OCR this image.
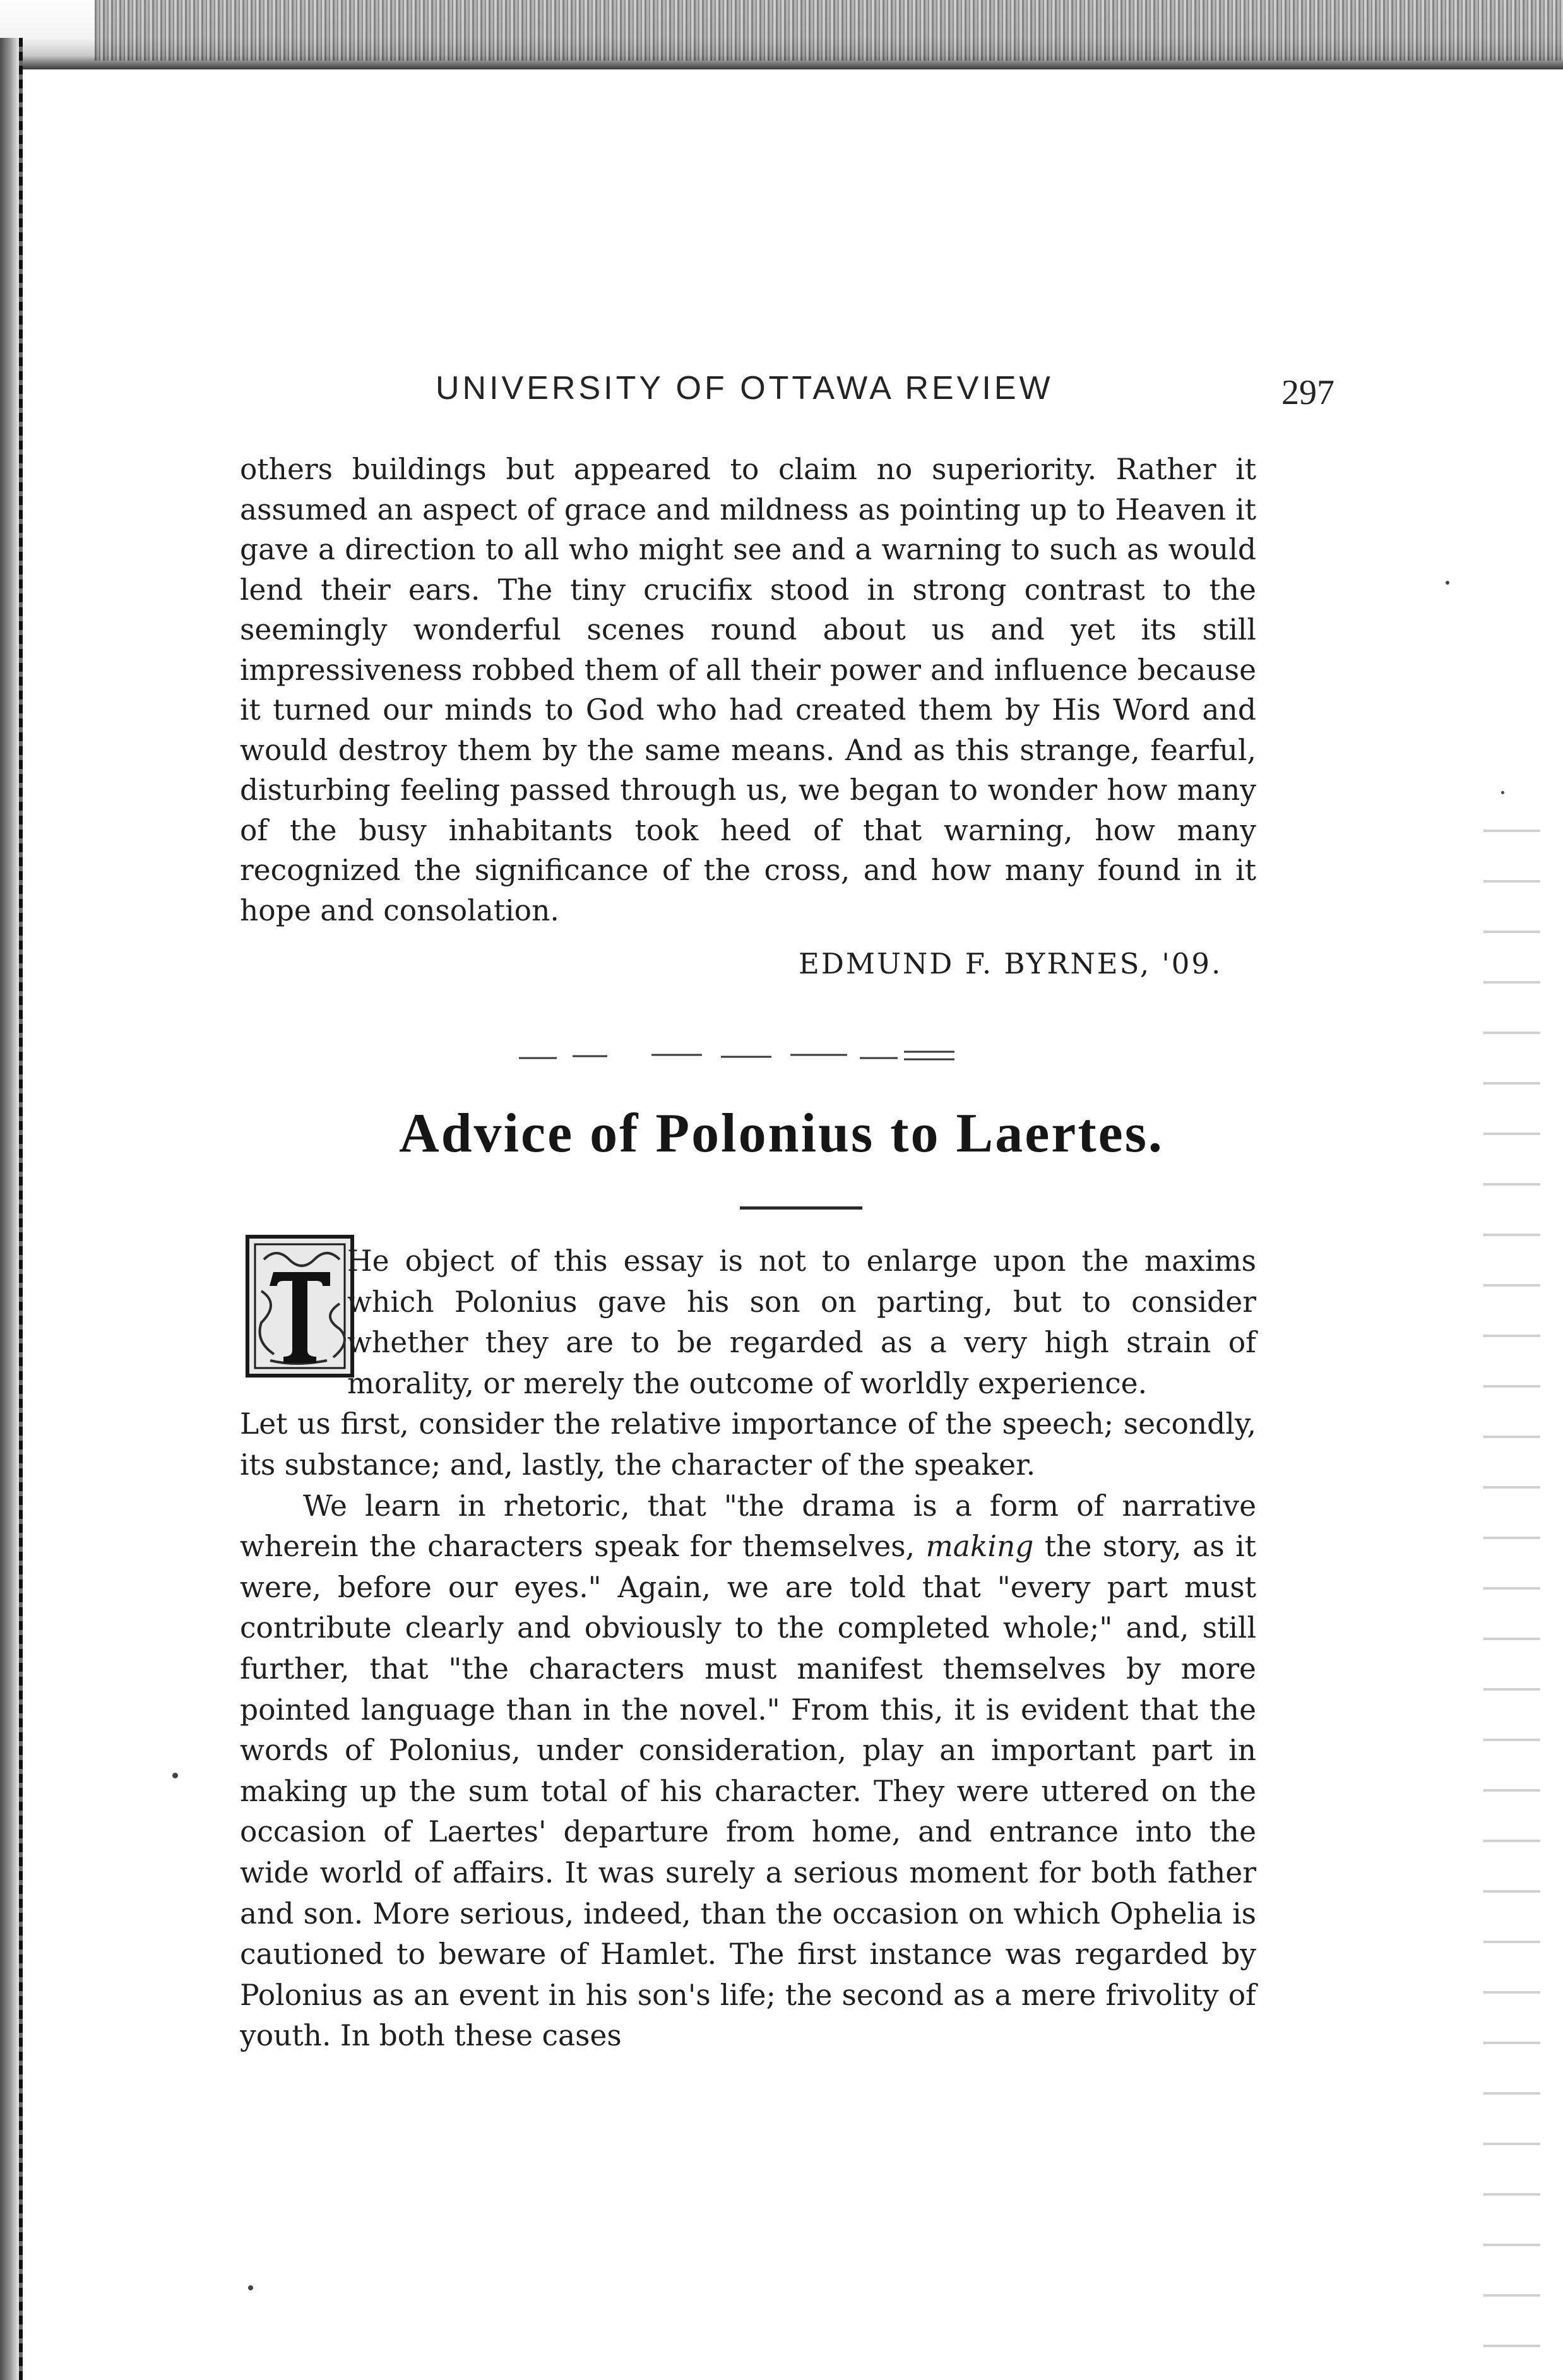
UNIVERSITY OF OTTAWA REVIEW	297

others buildings but appeared to claim no superiority. Rather it assumed an aspect of grace and mildness as pointing up to Heaven it gave a direction to all who might see and a warning to such as would lend their ears. The tiny crucifix stood in strong contrast to the seemingly wonderful scenes round about us and yet its still impressiveness robbed them of all their power and influence because it turned our minds to God who had created them by His Word and would destroy them by the same means. And as this strange, fearful, disturbing feeling passed through us, we began to wonder how many of the busy inhabitants took heed of that warning, how many recognized the significance of the cross, and how many found in it hope and consolation.

EDMUND F. BYRNES, '09.
Advice of Polonius to Laertes.

He object of this essay is not to enlarge upon the maxims which Polonius gave his son on parting, but to consider whether they are to be regarded as a very high strain of morality, or merely the outcome of worldly experience.

Let us first, consider the relative importance of the speech; secondly, its substance; and, lastly, the character of the speaker.

We learn in rhetoric, that "the drama is a form of narrative wherein the characters speak for themselves, making the story, as it were, before our eyes." Again, we are told that "every part must contribute clearly and obviously to the completed whole;" and, still further, that "the characters must manifest themselves by more pointed language than in the novel." From this, it is evident that the words of Polonius, under consideration, play an important part in making up the sum total of his character. They were uttered on the occasion of Laertes' departure from home, and entrance into the wide world of affairs. It was surely a serious moment for both father and son. More serious, indeed, than the occasion on which Ophelia is cautioned to beware of Hamlet. The first instance was regarded by Polonius as an event in his son's life; the second as a mere frivolity of youth. In both these cases
